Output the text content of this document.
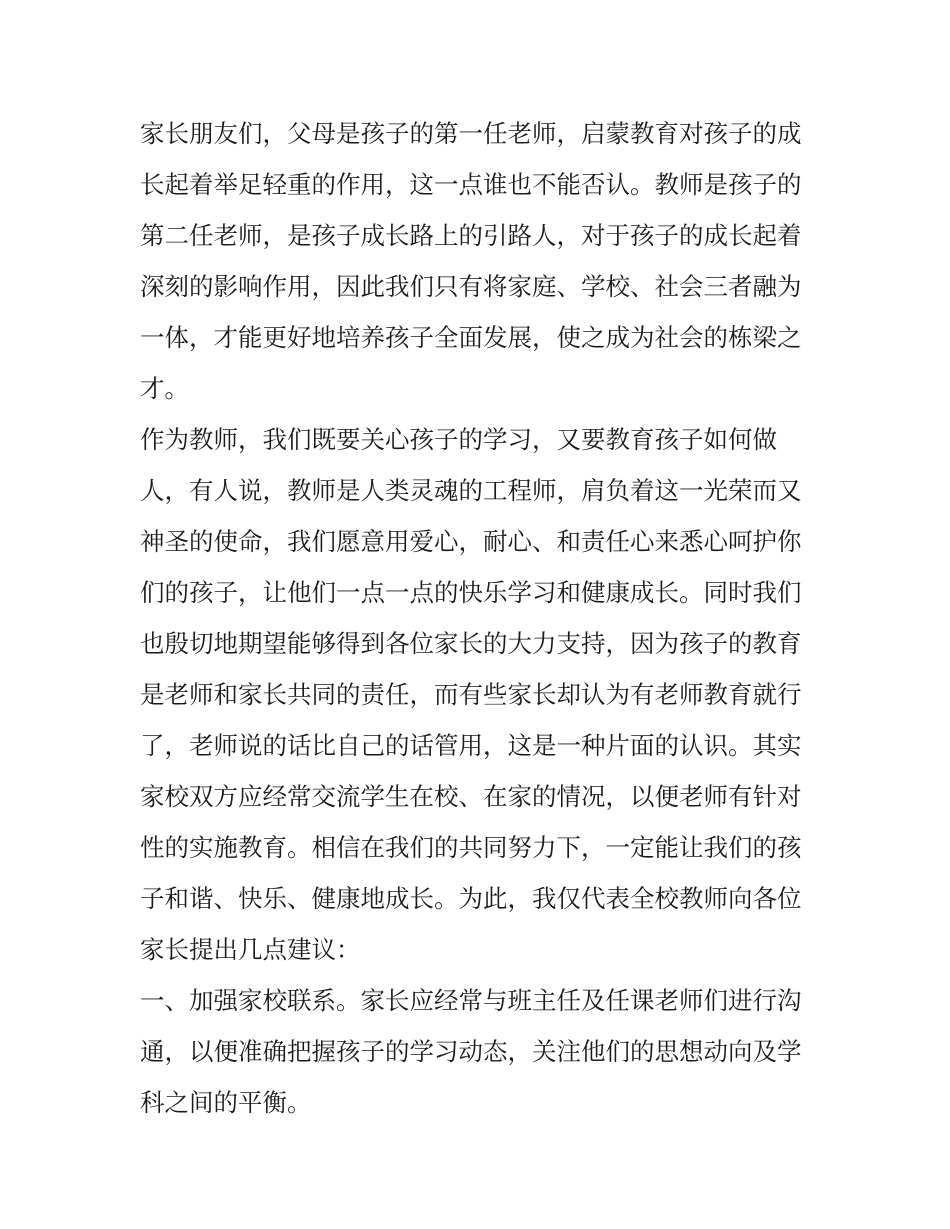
家长朋友们，父母是孩子的第一任老师，启蒙教育对孩子的成
长起着举足轻重的作用，这一点谁也不能否认。教师是孩子的
第二任老师，是孩子成长路上的引路人，对于孩子的成长起着
深刻的影响作用，因此我们只有将家庭、学校、社会三者融为
一体，才能更好地培养孩子全面发展，使之成为社会的栋梁之
才。
作为教师，我们既要关心孩子的学习，又要教育孩子如何做
人，有人说，教师是人类灵魂的工程师，肩负着这一光荣而又
神圣的使命，我们愿意用爱心，耐心、和责任心来悉心呵护你
们的孩子，让他们一点一点的快乐学习和健康成长。同时我们
也殷切地期望能够得到各位家长的大力支持，因为孩子的教育
是老师和家长共同的责任，而有些家长却认为有老师教育就行
了，老师说的话比自己的话管用，这是一种片面的认识。其实
家校双方应经常交流学生在校、在家的情况，以便老师有针对
性的实施教育。相信在我们的共同努力下，一定能让我们的孩
子和谐、快乐、健康地成长。为此，我仅代表全校教师向各位
家长提出几点建议：
一、加强家校联系。家长应经常与班主任及任课老师们进行沟
通，以便准确把握孩子的学习动态，关注他们的思想动向及学
科之间的平衡。
